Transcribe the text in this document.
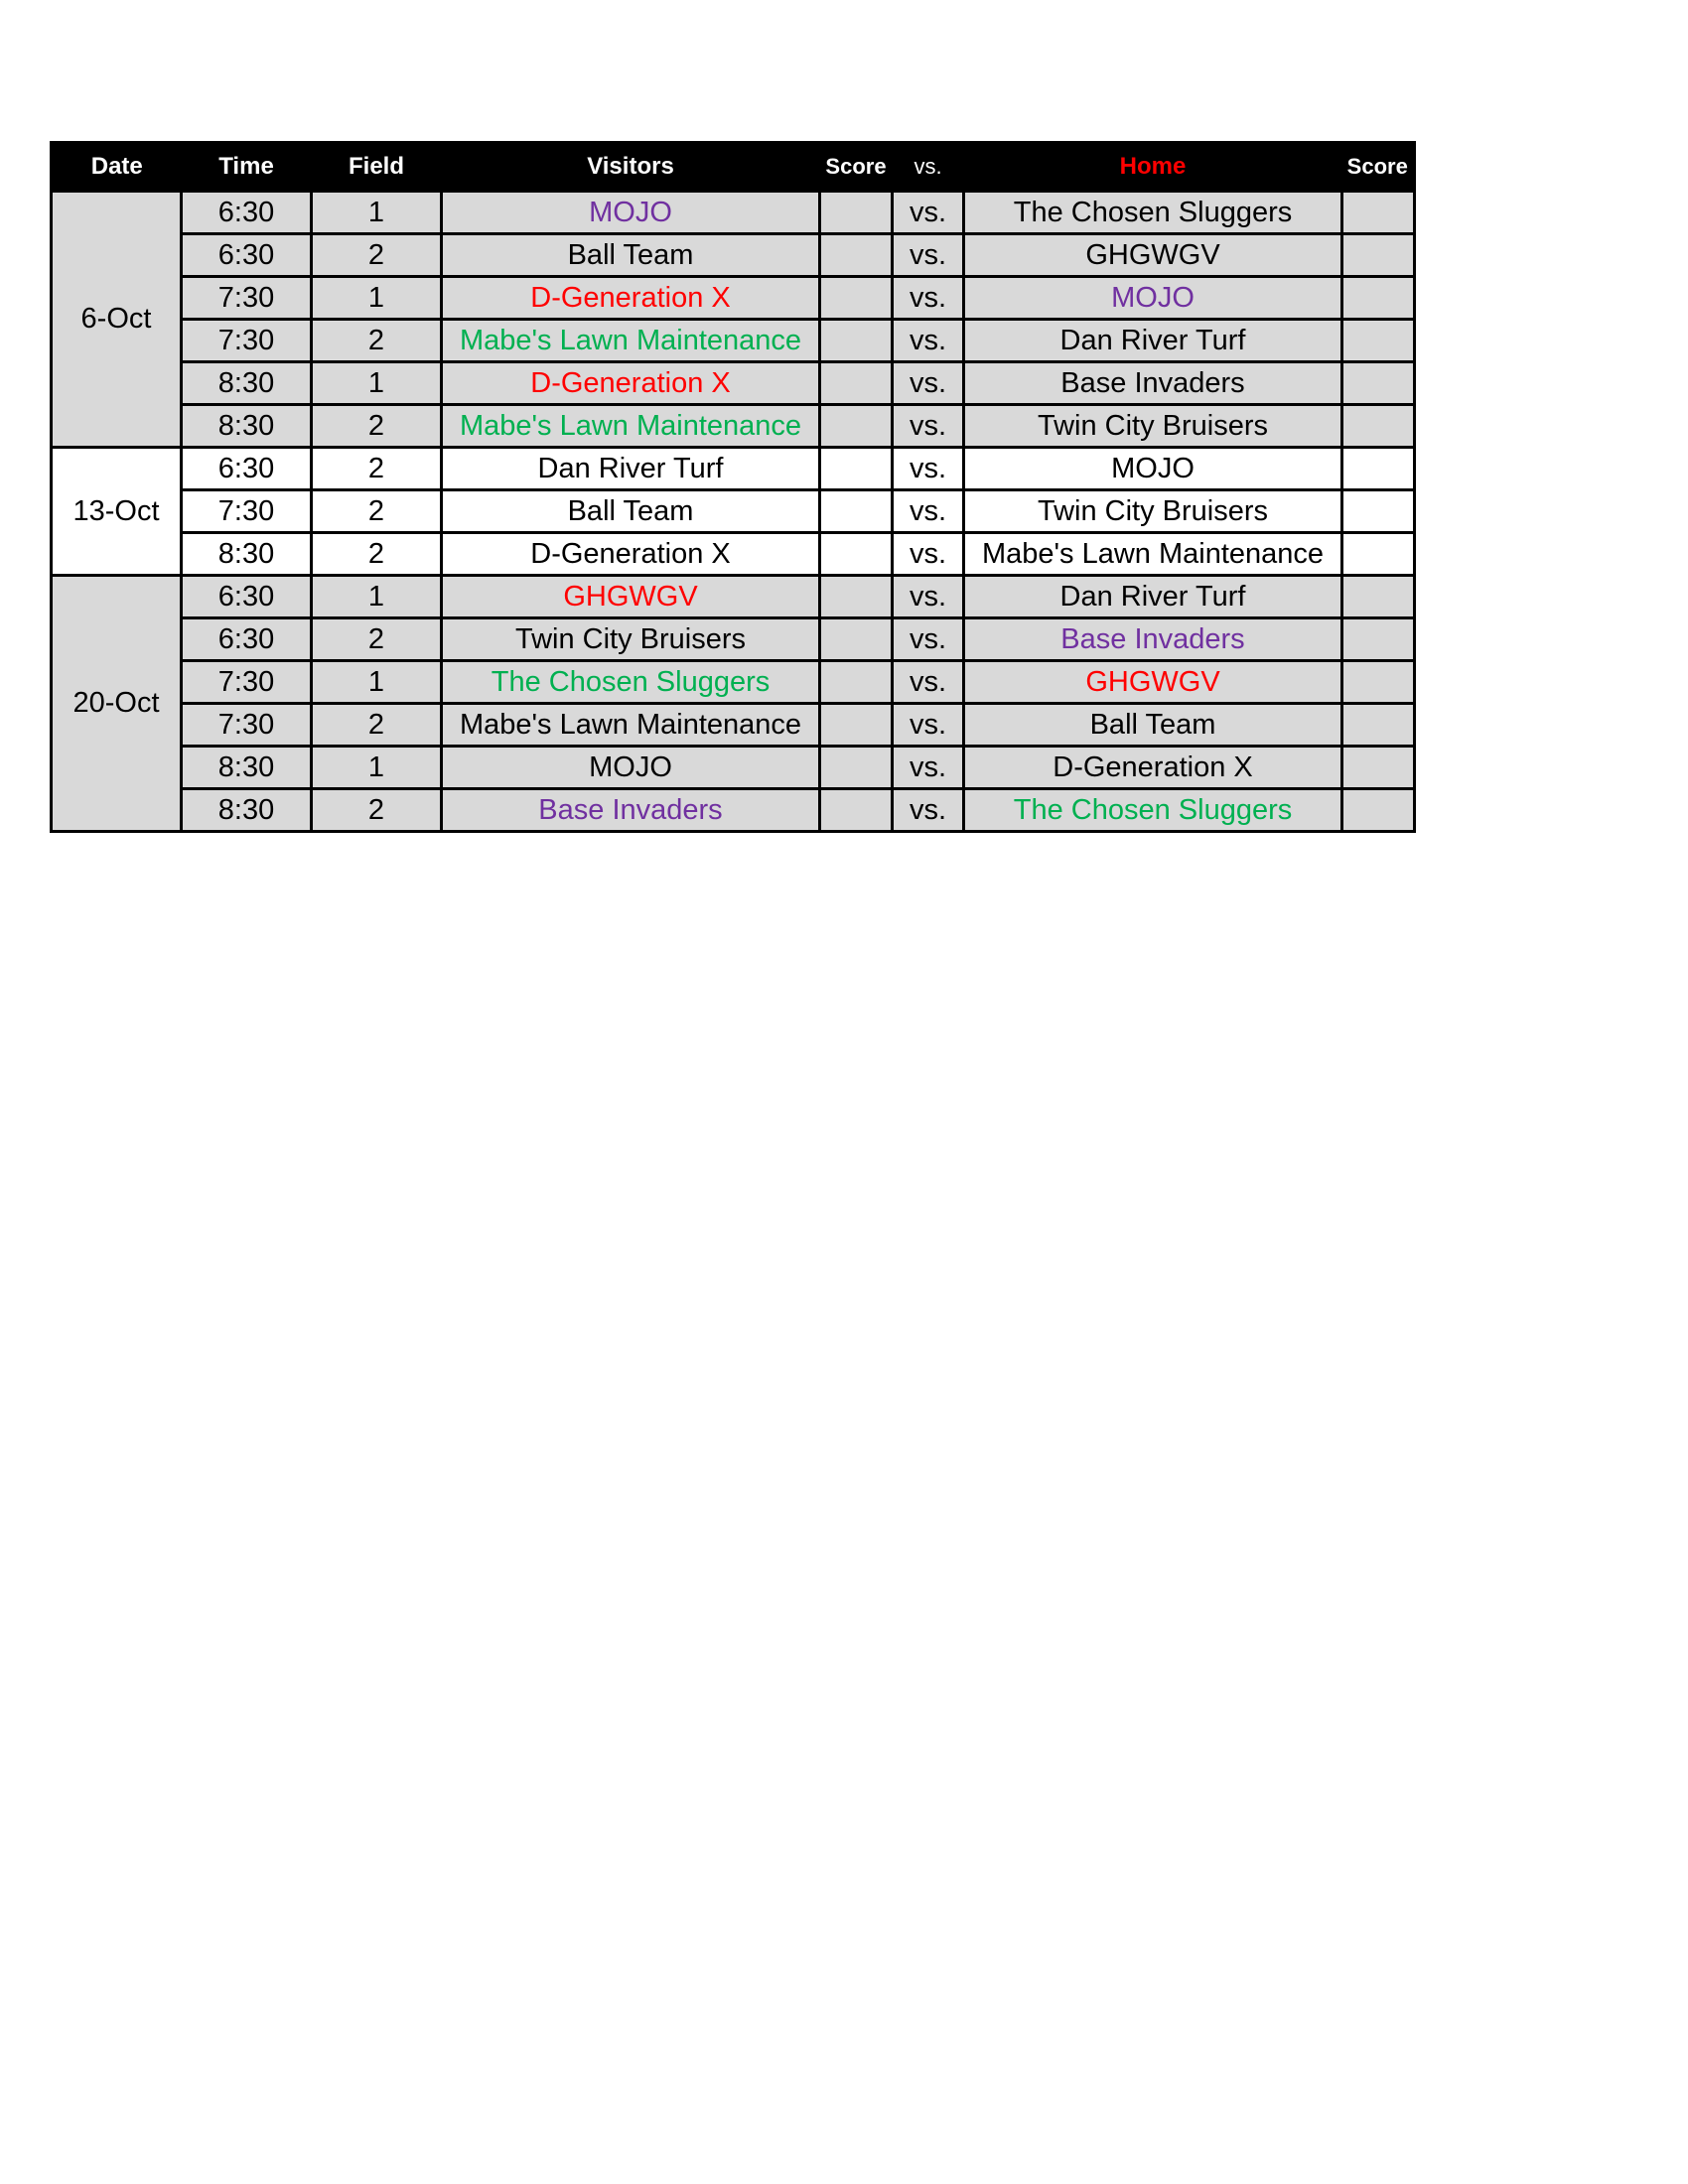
Date	Time	Field	Visitors	Score	vs.	Home	Score
6-Oct	6:30	1	MOJO		vs.	The Chosen Sluggers	
	6:30	2	Ball Team		vs.	GHGWGV	
	7:30	1	D-Generation X		vs.	MOJO	
	7:30	2	Mabe's Lawn Maintenance		vs.	Dan River Turf	
	8:30	1	D-Generation X		vs.	Base Invaders	
	8:30	2	Mabe's Lawn Maintenance		vs.	Twin City Bruisers	
13-Oct	6:30	2	Dan River Turf		vs.	MOJO	
	7:30	2	Ball Team		vs.	Twin City Bruisers	
	8:30	2	D-Generation X		vs.	Mabe's Lawn Maintenance	
20-Oct	6:30	1	GHGWGV		vs.	Dan River Turf	
	6:30	2	Twin City Bruisers		vs.	Base Invaders	
	7:30	1	The Chosen Sluggers		vs.	GHGWGV	
	7:30	2	Mabe's Lawn Maintenance		vs.	Ball Team	
	8:30	1	MOJO		vs.	D-Generation X	
	8:30	2	Base Invaders		vs.	The Chosen Sluggers	
